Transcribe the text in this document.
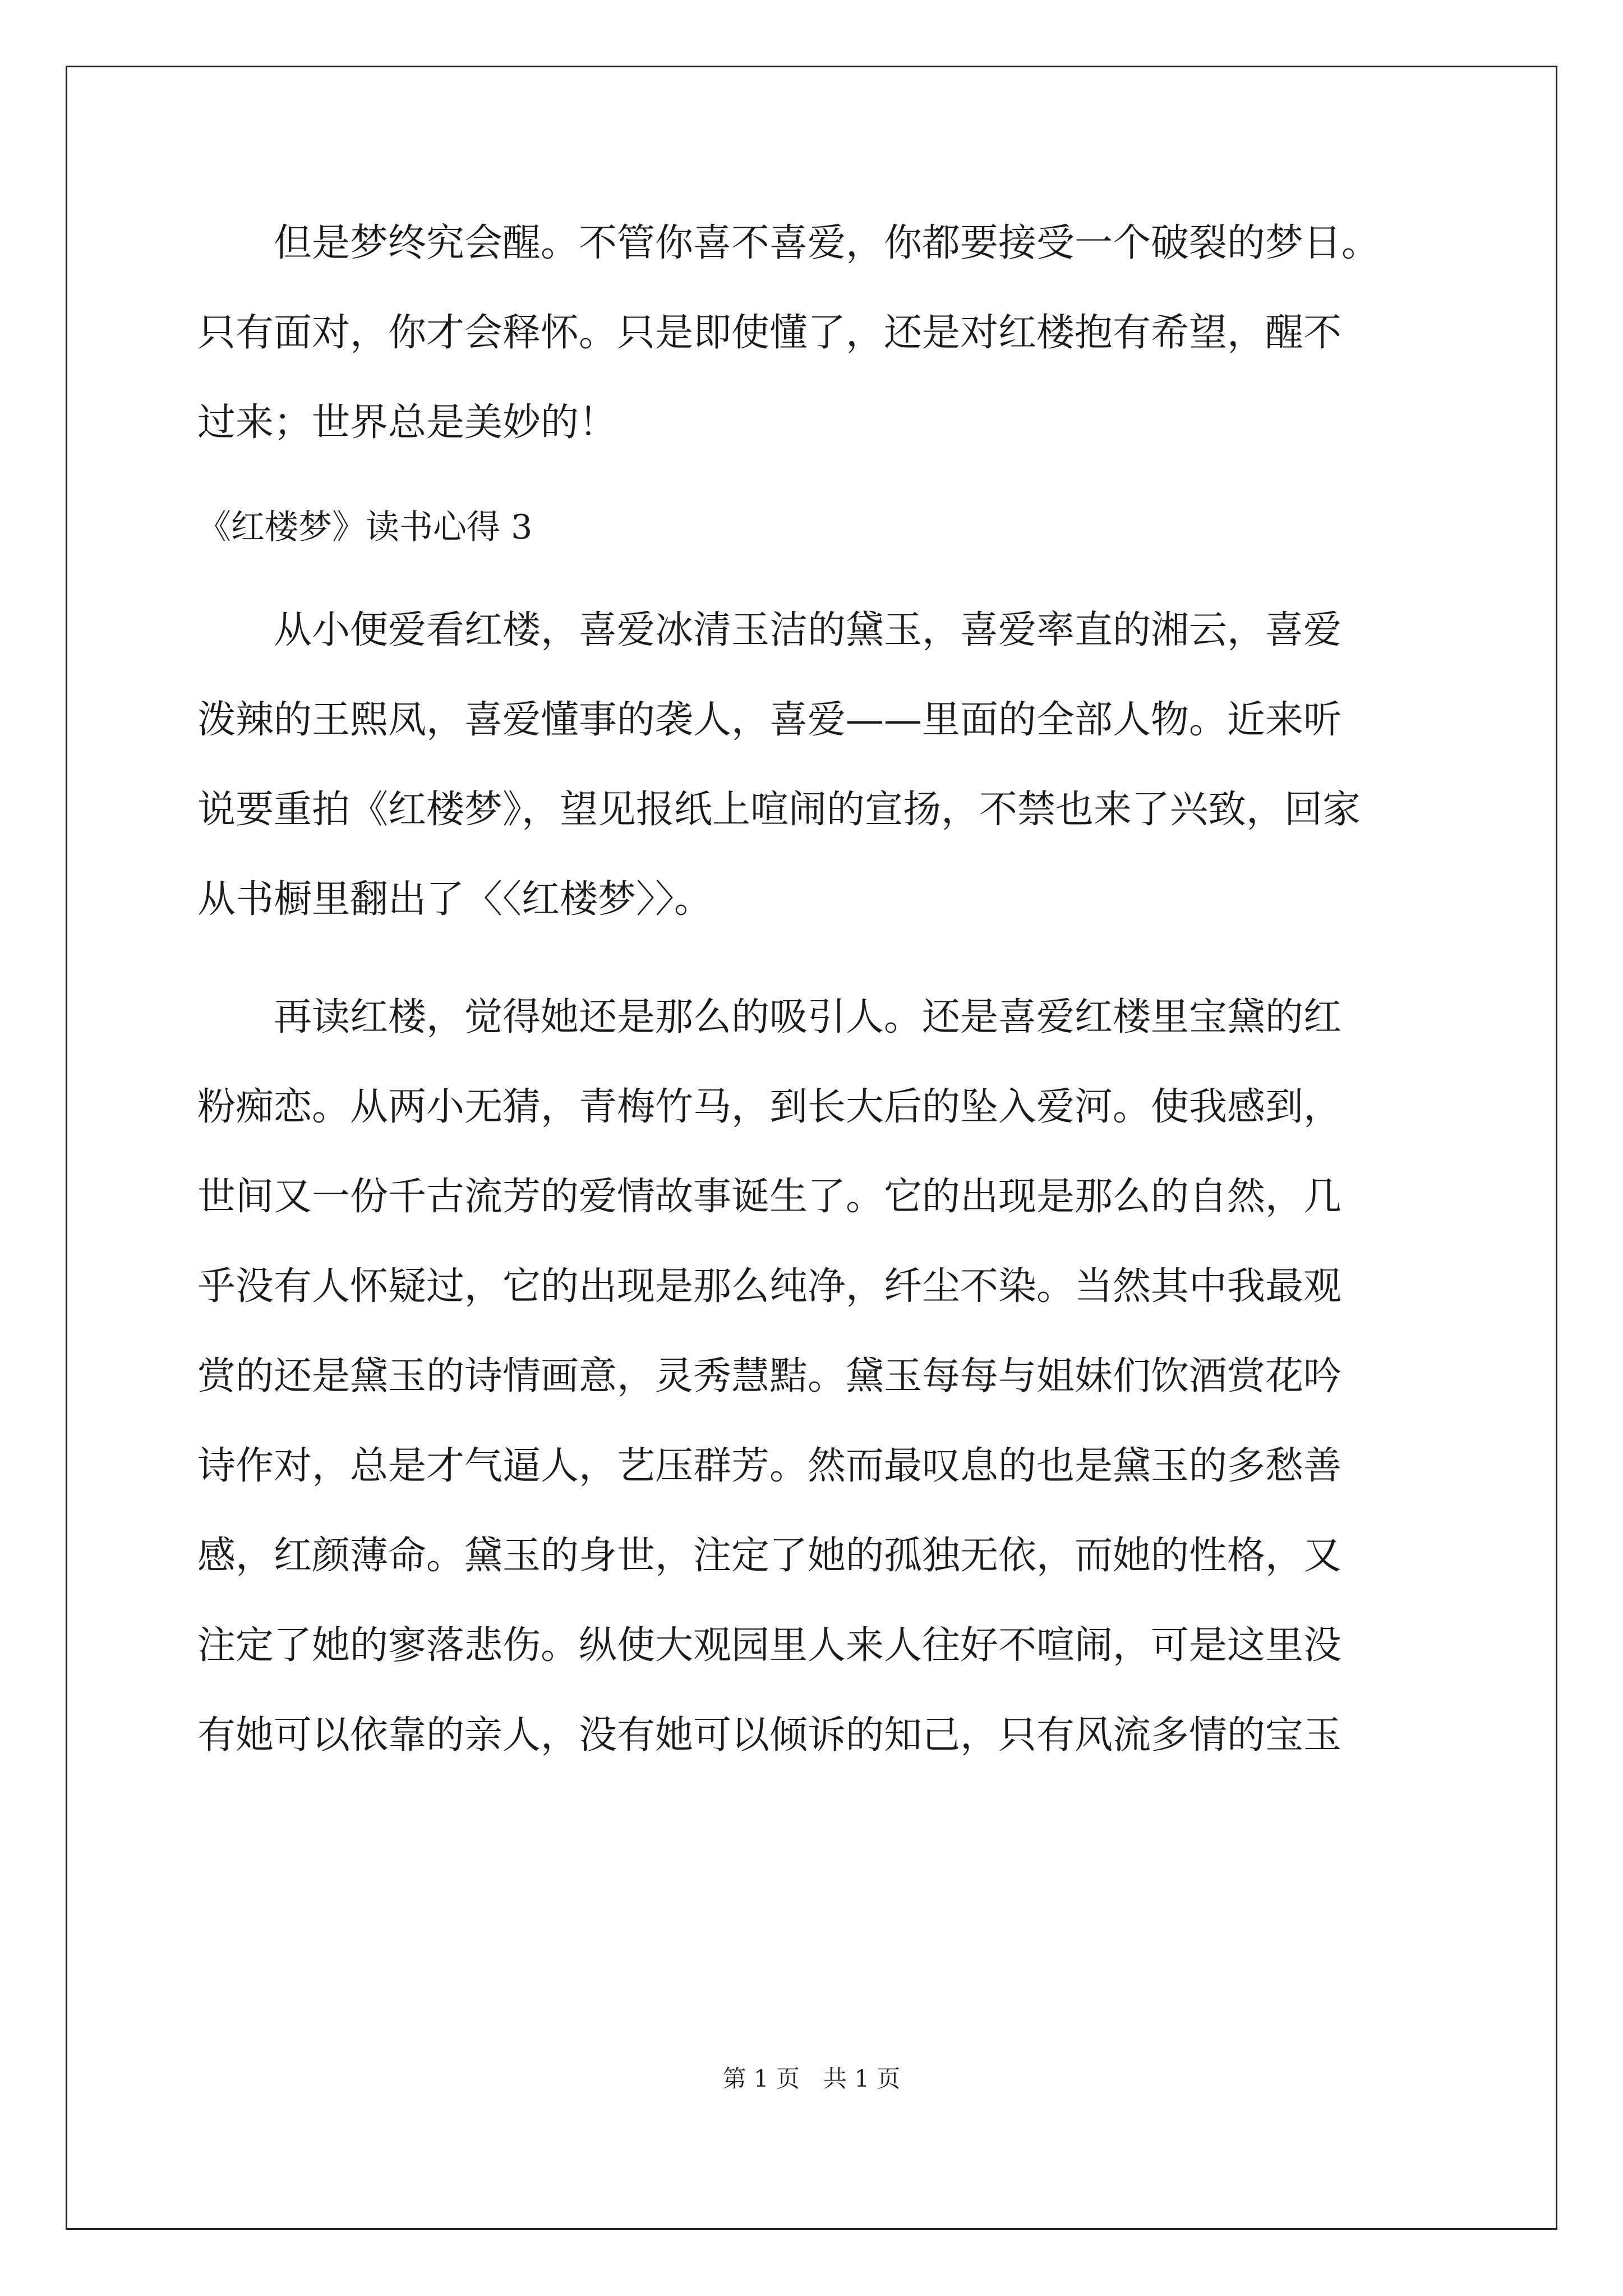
　　但是梦终究会醒。不管你喜不喜爱，你都要接受一个破裂的梦日。
只有面对，你才会释怀。只是即使懂了，还是对红楼抱有希望，醒不
过来；世界总是美妙的！
《红楼梦》读书心得 3
　　从小便爱看红楼，喜爱冰清玉洁的黛玉，喜爱率直的湘云，喜爱
泼辣的王熙凤，喜爱懂事的袭人，喜爱——里面的全部人物。近来听
说要重拍《红楼梦》，望见报纸上喧闹的宣扬，不禁也来了兴致，回家
从书橱里翻出了〈〈红楼梦〉〉。
　　再读红楼，觉得她还是那么的吸引人。还是喜爱红楼里宝黛的红
粉痴恋。从两小无猜，青梅竹马，到长大后的坠入爱河。使我感到，
世间又一份千古流芳的爱情故事诞生了。它的出现是那么的自然，几
乎没有人怀疑过，它的出现是那么纯净，纤尘不染。当然其中我最观
赏的还是黛玉的诗情画意，灵秀慧黠。黛玉每每与姐妹们饮酒赏花吟
诗作对，总是才气逼人，艺压群芳。然而最叹息的也是黛玉的多愁善
感，红颜薄命。黛玉的身世，注定了她的孤独无依，而她的性格，又
注定了她的寥落悲伤。纵使大观园里人来人往好不喧闹，可是这里没
有她可以依靠的亲人，没有她可以倾诉的知己，只有风流多情的宝玉
第 1 页　共 1 页
